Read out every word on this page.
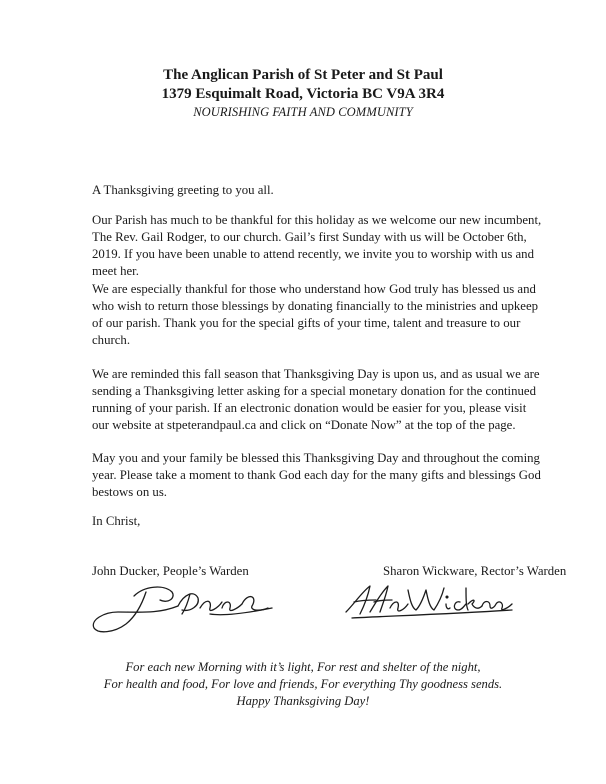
The Anglican Parish of St Peter and St Paul
1379 Esquimalt Road, Victoria BC V9A 3R4
NOURISHING FAITH AND COMMUNITY
A Thanksgiving greeting to you all.

Our Parish has much to be thankful for this holiday as we welcome our new incumbent, The Rev. Gail Rodger, to our church. Gail’s first Sunday with us will be October 6th, 2019. If you have been unable to attend recently, we invite you to worship with us and meet her.

We are especially thankful for those who understand how God truly has blessed us and who wish to return those blessings by donating financially to the ministries and upkeep of our parish. Thank you for the special gifts of your time, talent and treasure to our church.

We are reminded this fall season that Thanksgiving Day is upon us, and as usual we are sending a Thanksgiving letter asking for a special monetary donation for the continued running of your parish. If an electronic donation would be easier for you, please visit our website at stpeterandpaul.ca and click on “Donate Now” at the top of the page.

May you and your family be blessed this Thanksgiving Day and throughout the coming year. Please take a moment to thank God each day for the many gifts and blessings God bestows on us.

In Christ,
John Ducker, People’s Warden	Sharon Wickware, Rector’s Warden
For each new Morning with it’s light, For rest and shelter of the night,
For health and food, For love and friends, For everything Thy goodness sends.
Happy Thanksgiving Day!
